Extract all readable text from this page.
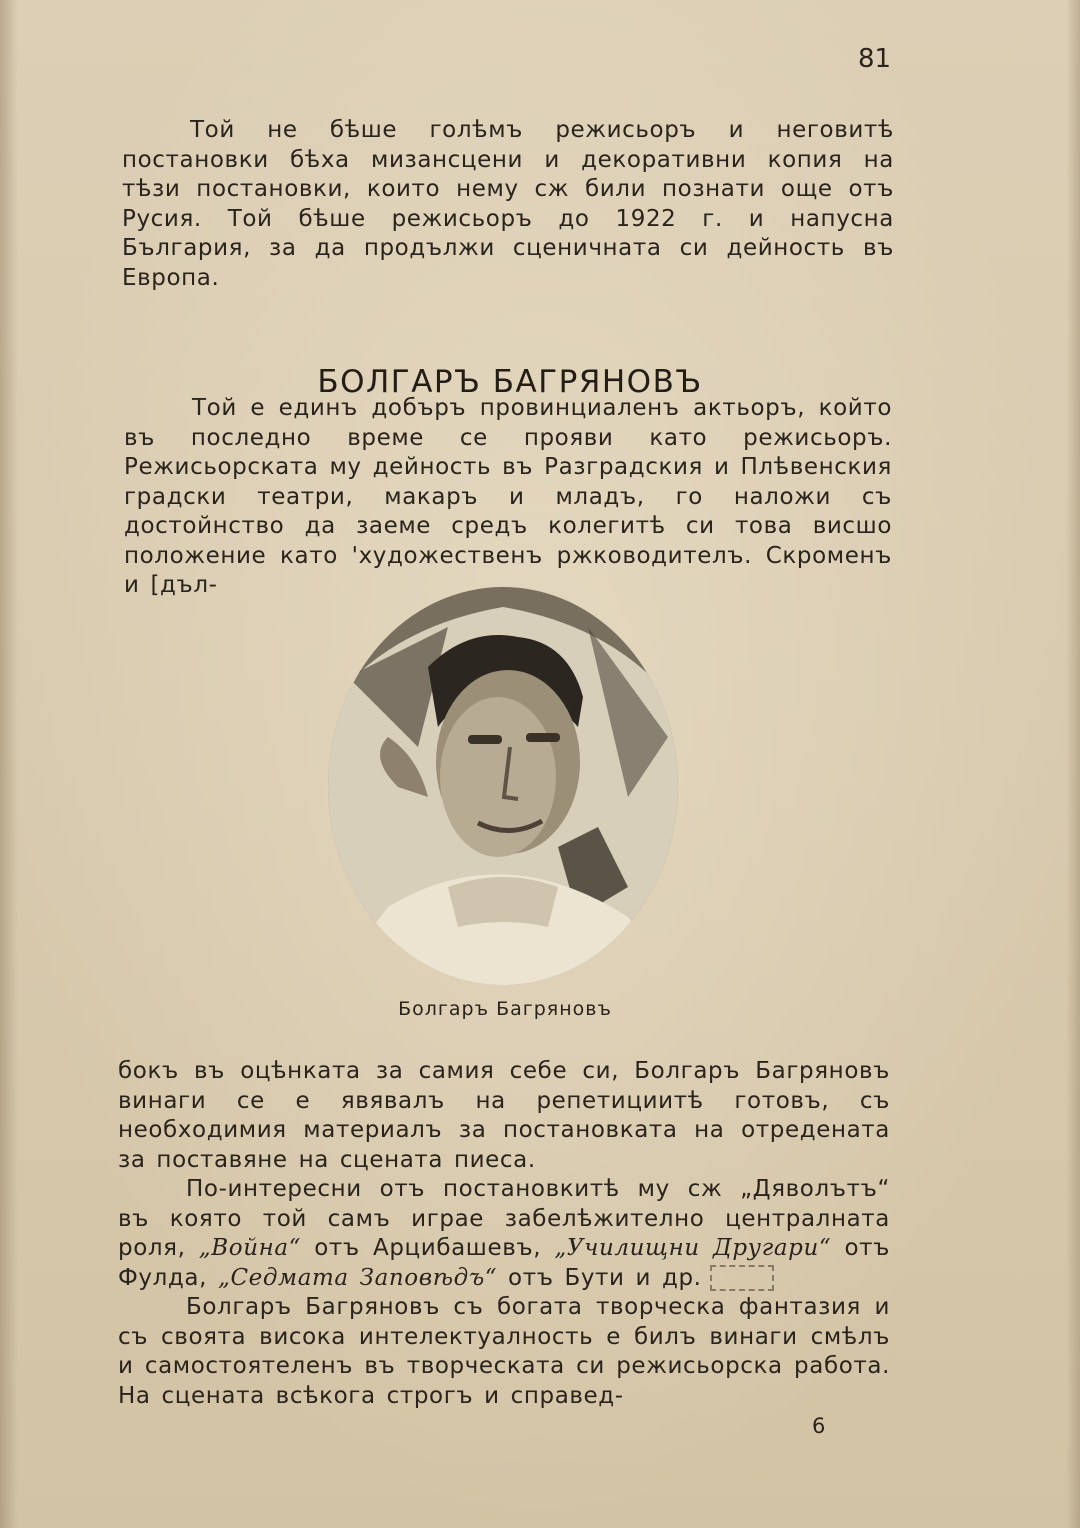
81

Той не бѣше голѣмъ режисьоръ и неговитѣ постановки бѣха мизансцени и декоративни копия на тѣзи постановки, които нему сж били познати още отъ Русия. Той бѣше режисьоръ до 1922 г. и напусна България, за да продължи сценичната си дейность въ Европа.

БОЛГАРЪ БАГРЯНОВЪ

Той е единъ добъръ провинциаленъ актьоръ, който въ последно време се прояви като режисьоръ. Режисьорската му дейность въ Разградския и Плѣвенския градски театри, макаръ и младъ, го наложи съ достойнство да заеме средъ колегитѣ си това висшо положение като 'художественъ ржководителъ. Скроменъ и [дъл-

Болгаръ Багряновъ

бокъ въ оцѣнката за самия себе си, Болгаръ Багряновъ винаги се е явявалъ на репетициитѣ готовъ, съ необходимия материалъ за постановката на отредената за поставяне на сцената пиеса.

По-интересни отъ постановкитѣ му сж „Дяволътъ“ въ която той самъ играе забелѣжително централната роля, „Война“ отъ Арцибашевъ, „Училищни Другари“ отъ Фулда, „Седмата Заповѣдъ“ отъ Бути и др.

Болгаръ Багряновъ съ богата творческа фантазия и съ своята висока интелектуалность е билъ винаги смѣлъ и самостоятеленъ въ творческата си режисьорска работа. На сцената всѣкога строгъ и справед-

6
